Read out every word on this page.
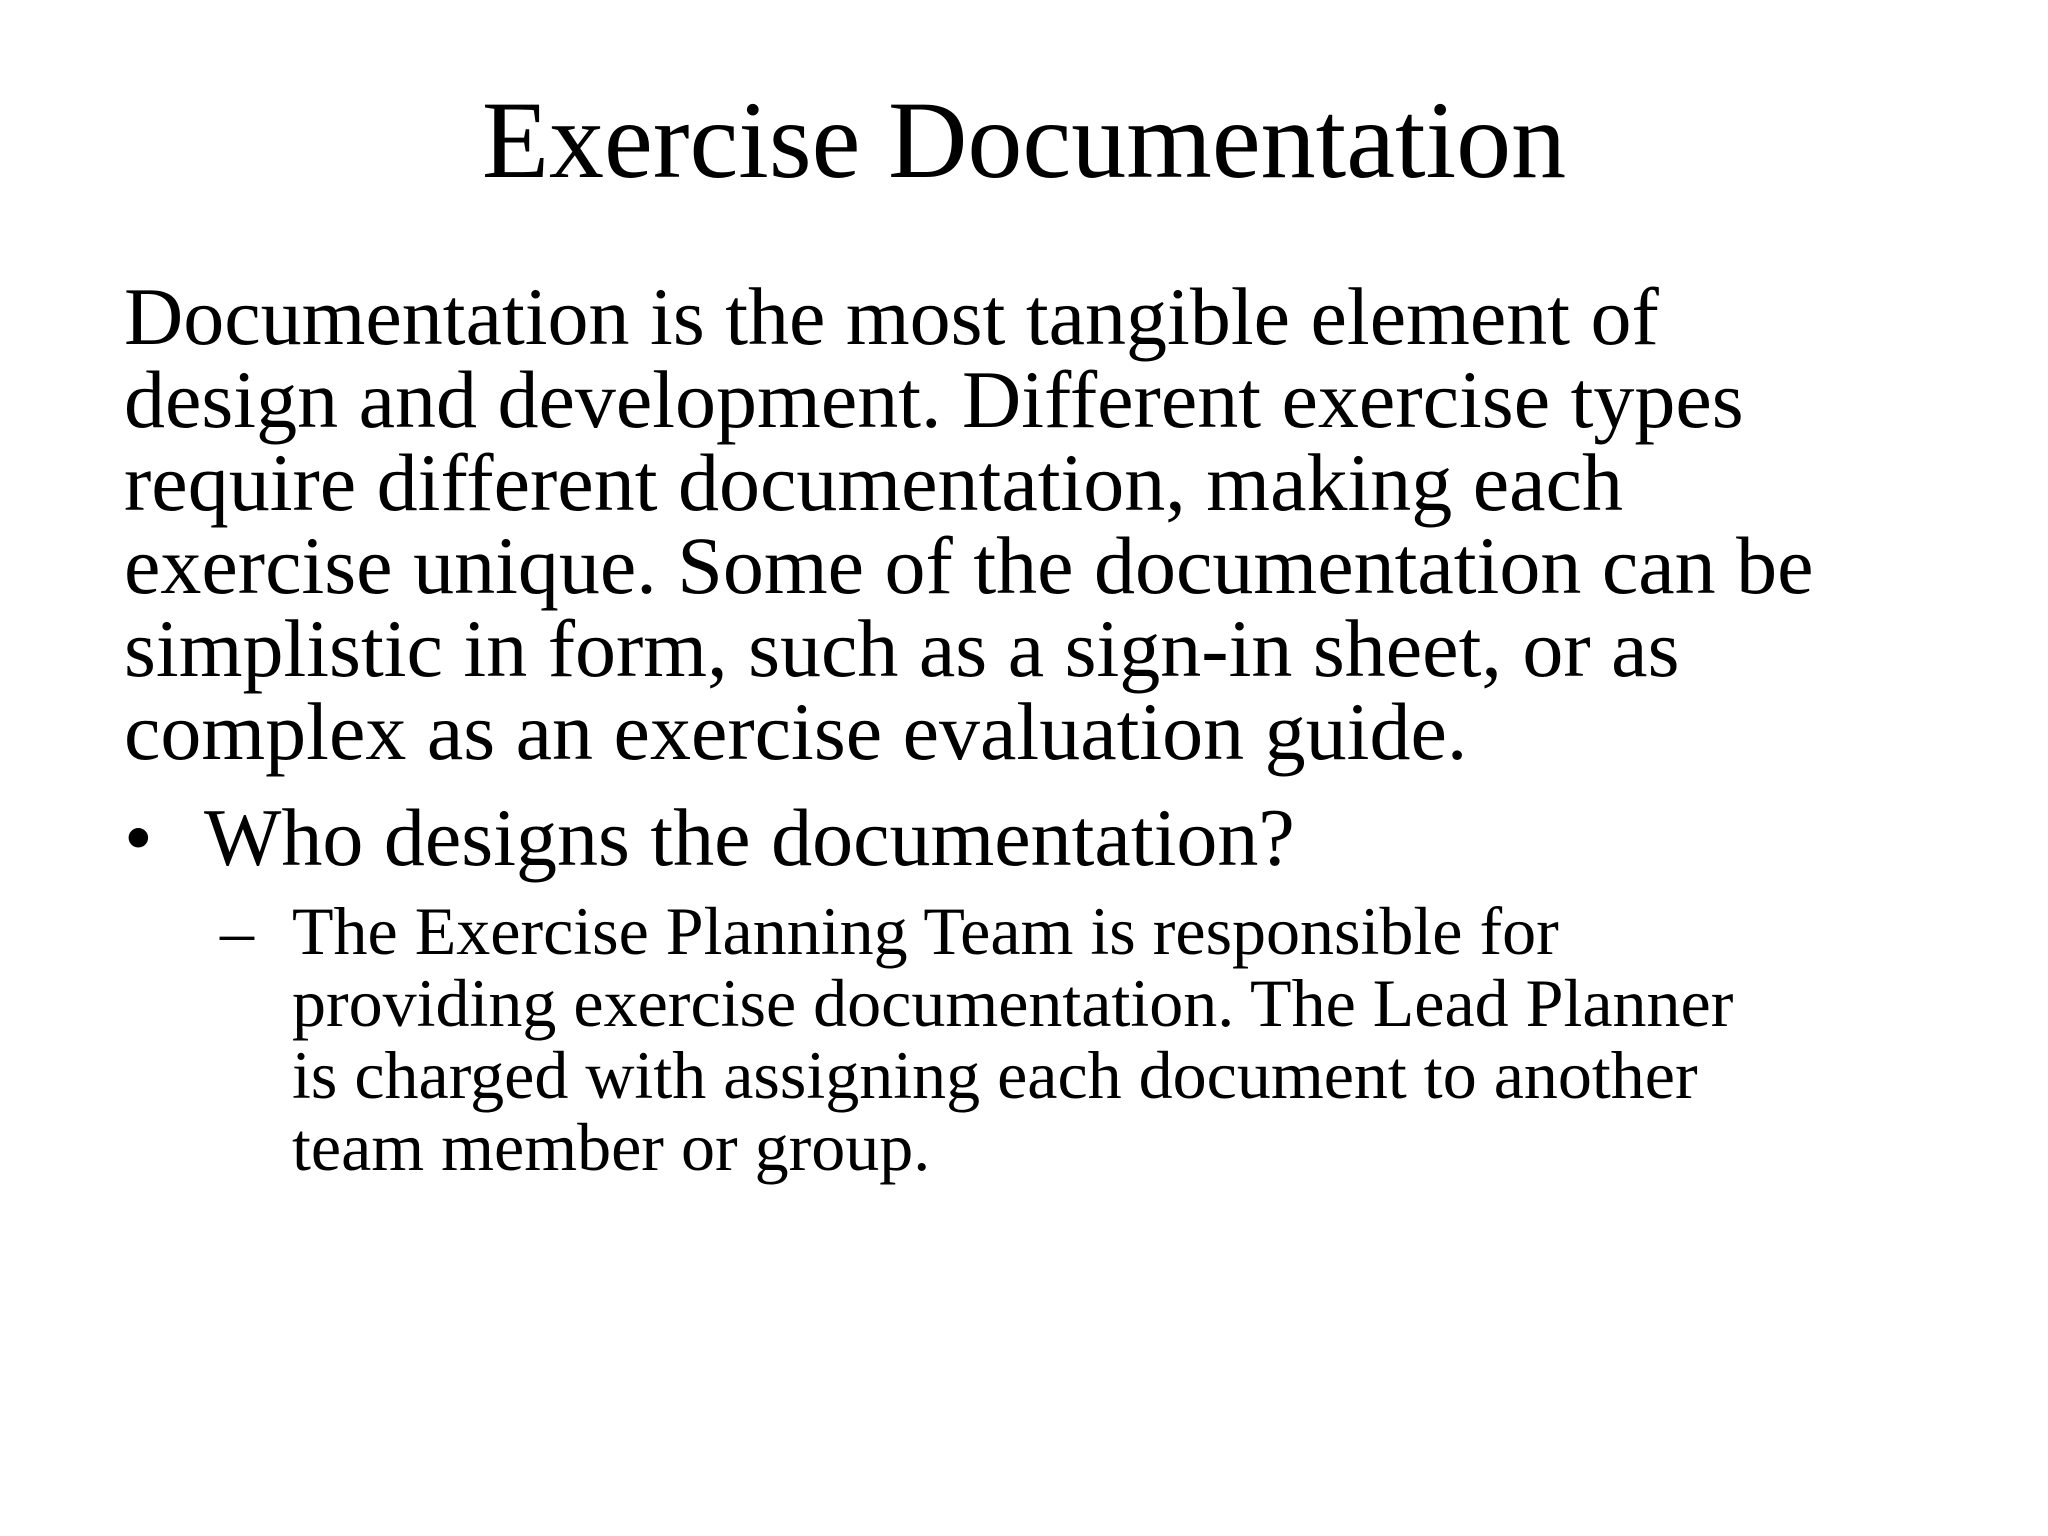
Exercise Documentation
Documentation is the most tangible element of
design and development. Different exercise types
require different documentation, making each
exercise unique. Some of the documentation can be
simplistic in form, such as a sign-in sheet, or as
complex as an exercise evaluation guide.
• Who designs the documentation?
– The Exercise Planning Team is responsible for
providing exercise documentation. The Lead Planner
is charged with assigning each document to another
team member or group.
